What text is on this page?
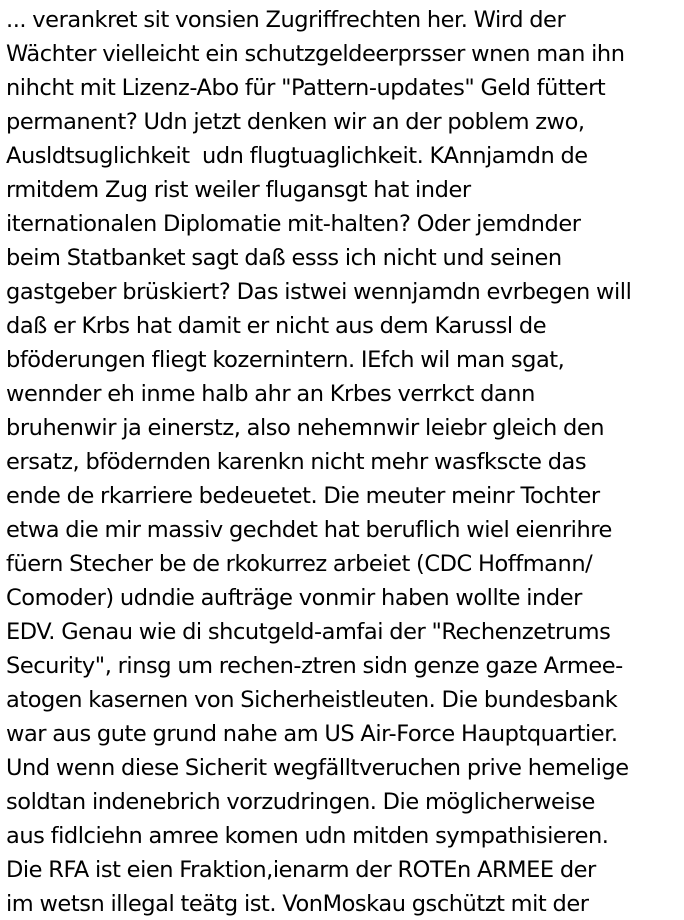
... verankret sit vonsien Zugriffrechten her. Wird der
Wächter vielleicht ein schutzgeldeerprsser wnen man ihn
nihcht mit Lizenz-Abo für "Pattern-updates" Geld füttert
permanent? Udn jetzt denken wir an der poblem zwo,
Ausldtsuglichkeit  udn flugtuaglichkeit. KAnnjamdn de
rmitdem Zug rist weiler flugansgt hat inder
iternationalen Diplomatie mit-halten? Oder jemdnder
beim Statbanket sagt daß esss ich nicht und seinen
gastgeber brüskiert? Das istwei wennjamdn evrbegen will
daß er Krbs hat damit er nicht aus dem Karussl de
bföderungen fliegt kozernintern. IEfch wil man sgat,
wennder eh inme halb ahr an Krbes verrkct dann
bruhenwir ja einerstz, also nehemnwir leiebr gleich den
ersatz, bfödernden karenkn nicht mehr wasfkscte das
ende de rkarriere bedeuetet. Die meuter meinr Tochter
etwa die mir massiv gechdet hat beruflich wiel eienrihre
füern Stecher be de rkokurrez arbeiet (CDC Hoffmann/
Comoder) udndie aufträge vonmir haben wollte inder
EDV. Genau wie di shcutgeld-amfai der "Rechenzetrums
Security", rinsg um rechen-ztren sidn genze gaze Armee-
atogen kasernen von Sicherheistleuten. Die bundesbank
war aus gute grund nahe am US Air-Force Hauptquartier.
Und wenn diese Sicherit wegfälltveruchen prive hemelige
soldtan indenebrich vorzudringen. Die möglicherweise
aus fidlciehn amree komen udn mitden sympathisieren.
Die RFA ist eien Fraktion,ienarm der ROTEn ARMEE der
im wetsn illegal teätg ist. VonMoskau gschützt mit der
